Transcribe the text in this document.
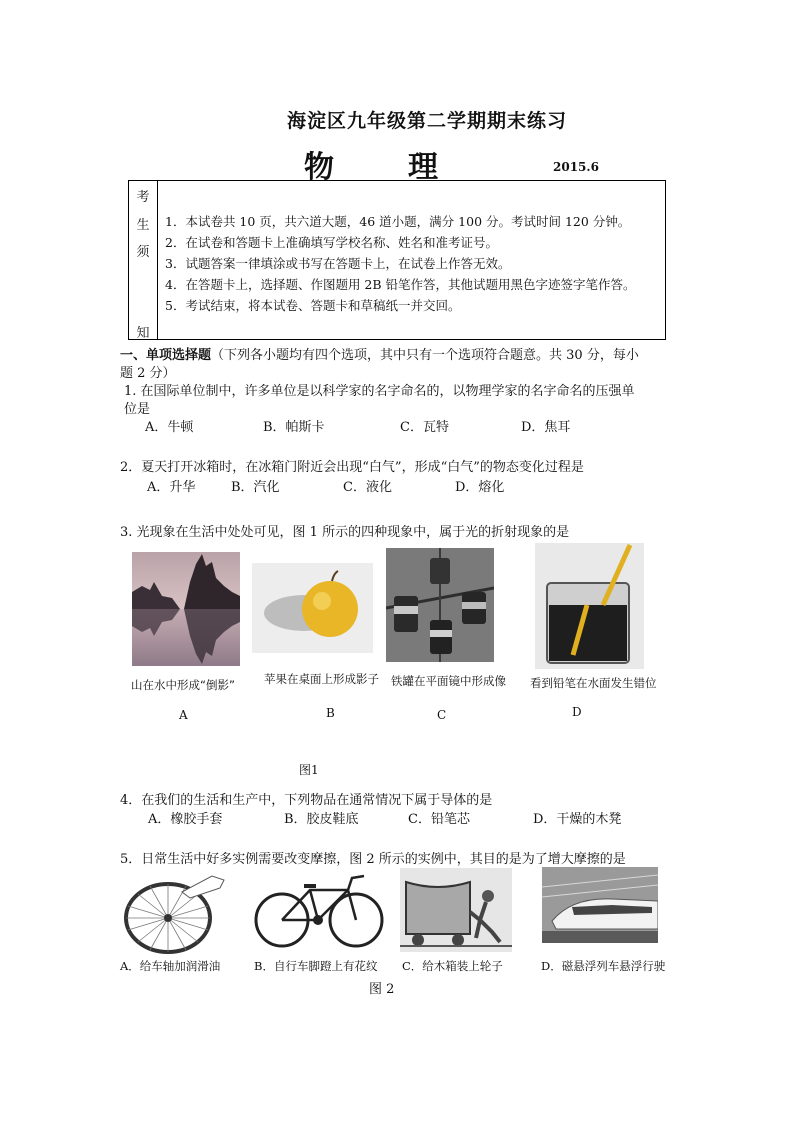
海淀区九年级第二学期期末练习
物 理	2015.6
考
生
须
知
1．本试卷共 10 页，共六道大题，46 道小题，满分 100 分。考试时间 120 分钟。
2．在试卷和答题卡上准确填写学校名称、姓名和准考证号。
3．试题答案一律填涂或书写在答题卡上，在试卷上作答无效。
4．在答题卡上，选择题、作图题用 2B 铅笔作答，其他试题用黑色字迹签字笔作答。
5．考试结束，将本试卷、答题卡和草稿纸一并交回。
一、单项选择题（下列各小题均有四个选项，其中只有一个选项符合题意。共 30 分，每小
题 2 分）
1. 在国际单位制中，许多单位是以科学家的名字命名的，以物理学家的名字命名的压强单
位是
A．牛顿	B．帕斯卡	C．瓦特	D．焦耳
2．夏天打开冰箱时，在冰箱门附近会出现“白气”，形成“白气”的物态变化过程是
A．升华	B．汽化	C．液化	D．熔化
3. 光现象在生活中处处可见，图 1 所示的四种现象中，属于光的折射现象的是
山在水中形成“倒影”	苹果在桌面上形成影子 铁罐在平面镜中形成像 看到铅笔在水面发生错位
A	B	C	D
图1
4．在我们的生活和生产中，下列物品在通常情况下属于导体的是
A．橡胶手套	B．胶皮鞋底	C．铅笔芯	D．干燥的木凳
5．日常生活中好多实例需要改变摩擦，图 2 所示的实例中，其目的是为了增大摩擦的是
A．给车轴加润滑油	B．自行车脚蹬上有花纹 C．给木箱装上轮子	D．磁悬浮列车悬浮行驶
图 2
